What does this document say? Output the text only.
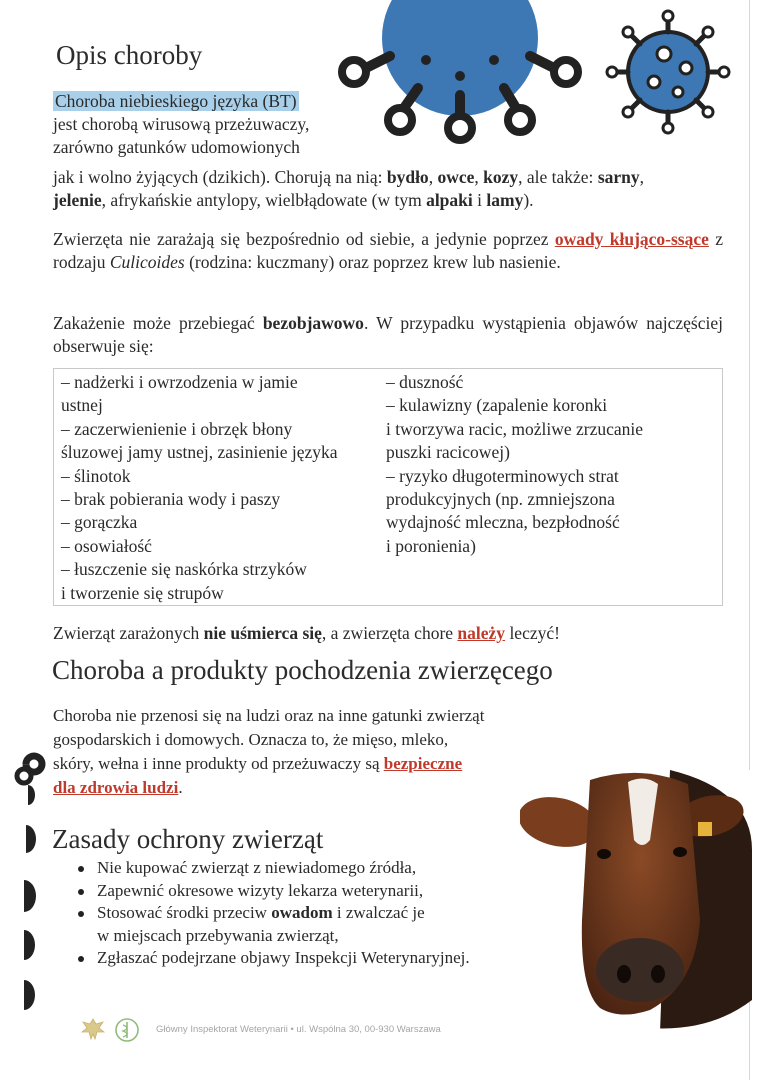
Opis choroby
Choroba niebieskiego języka (BT)
jest chorobą wirusową przeżuwaczy,
zarówno gatunków udomowionych
jak i wolno żyjących (dzikich). Chorują na nią: bydło, owce, kozy, ale także: sarny,
jelenie, afrykańskie antylopy, wielbłądowate (w tym alpaki i lamy).
Zwierzęta nie zarażają się bezpośrednio od siebie, a jedynie poprzez owady kłująco-ssące z rodzaju Culicoides (rodzina: kuczmany) oraz poprzez krew lub nasienie.
Zakażenie może przebiegać bezobjawowo. W przypadku wystąpienia objawów najczęściej obserwuje się:
– nadżerki i owrzodzenia w jamie
ustnej
– zaczerwienienie i obrzęk błony
śluzowej jamy ustnej, zasinienie języka
– ślinotok
– brak pobierania wody i paszy
– gorączka
– osowiałość
– łuszczenie się naskórka strzyków
i tworzenie się strupów
– duszność
– kulawizny (zapalenie koronki
i tworzywa racic, możliwe zrzucanie
puszki racicowej)
– ryzyko długoterminowych strat
produkcyjnych (np. zmniejszona
wydajność mleczna, bezpłodność
i poronienia)
Zwierząt zarażonych nie uśmierca się, a zwierzęta chore należy leczyć!
Choroba a produkty pochodzenia zwierzęcego
Choroba nie przenosi się na ludzi oraz na inne gatunki zwierząt
gospodarskich i domowych. Oznacza to, że mięso, mleko,
skóry, wełna i inne produkty od przeżuwaczy są bezpieczne
dla zdrowia ludzi.
Zasady ochrony zwierząt
Nie kupować zwierząt z niewiadomego źródła,
Zapewnić okresowe wizyty lekarza weterynarii,
Stosować środki przeciw owadom i zwalczać je
w miejscach przebywania zwierząt,
Zgłaszać podejrzane objawy Inspekcji Weterynaryjnej.
Główny Inspektorat Weterynarii • ul. Wspólna 30, 00-930 Warszawa
